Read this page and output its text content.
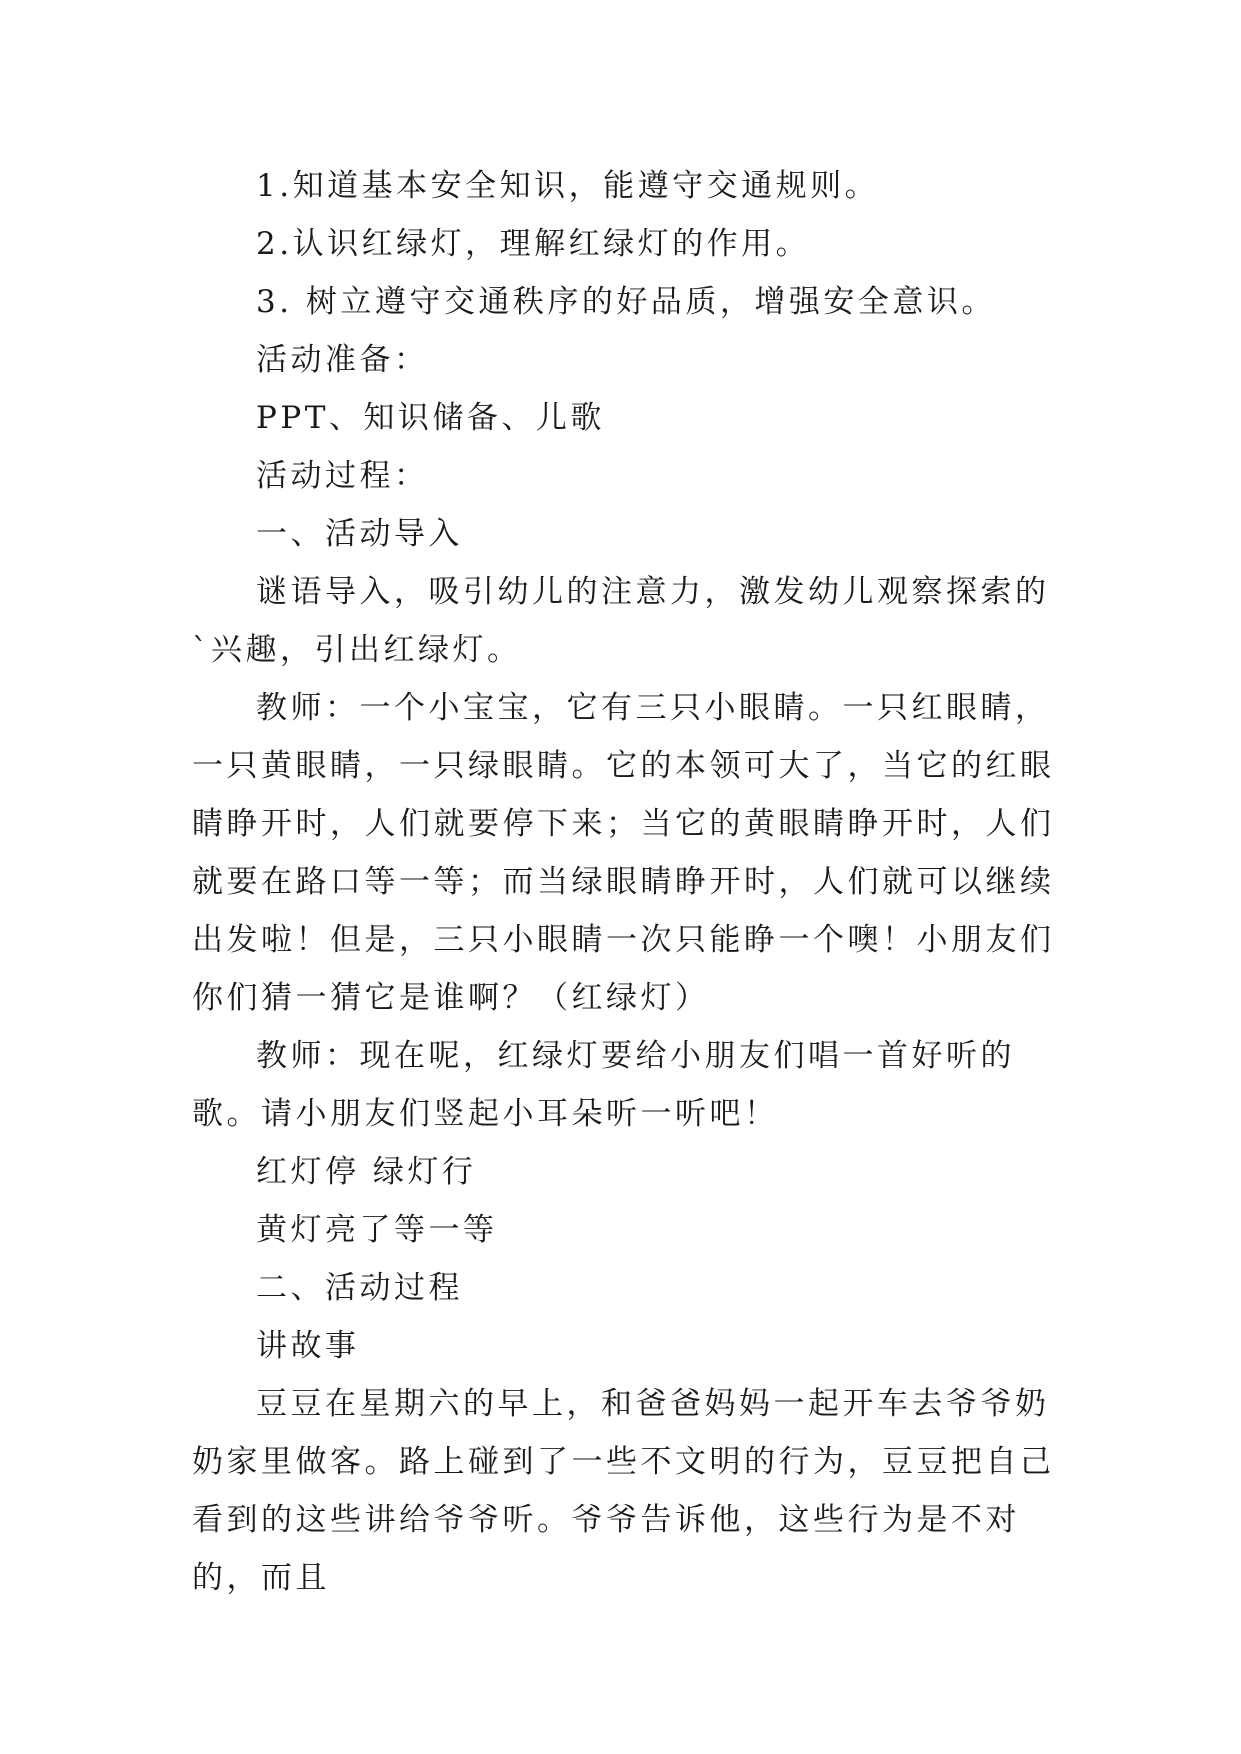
1.知道基本安全知识，能遵守交通规则。

2.认识红绿灯，理解红绿灯的作用。

3. 树立遵守交通秩序的好品质，增强安全意识。

活动准备：

PPT、知识储备、儿歌

活动过程：

一、活动导入

谜语导入，吸引幼儿的注意力，激发幼儿观察探索的`兴趣，引出红绿灯。

教师：一个小宝宝，它有三只小眼睛。一只红眼睛，一只黄眼睛，一只绿眼睛。它的本领可大了，当它的红眼睛睁开时，人们就要停下来；当它的黄眼睛睁开时，人们就要在路口等一等；而当绿眼睛睁开时，人们就可以继续出发啦！但是，三只小眼睛一次只能睁一个噢！小朋友们你们猜一猜它是谁啊？（红绿灯）

教师：现在呢，红绿灯要给小朋友们唱一首好听的歌。请小朋友们竖起小耳朵听一听吧！

红灯停 绿灯行

黄灯亮了等一等

二、活动过程

讲故事

豆豆在星期六的早上，和爸爸妈妈一起开车去爷爷奶奶家里做客。路上碰到了一些不文明的行为，豆豆把自己看到的这些讲给爷爷听。爷爷告诉他，这些行为是不对的，而且
